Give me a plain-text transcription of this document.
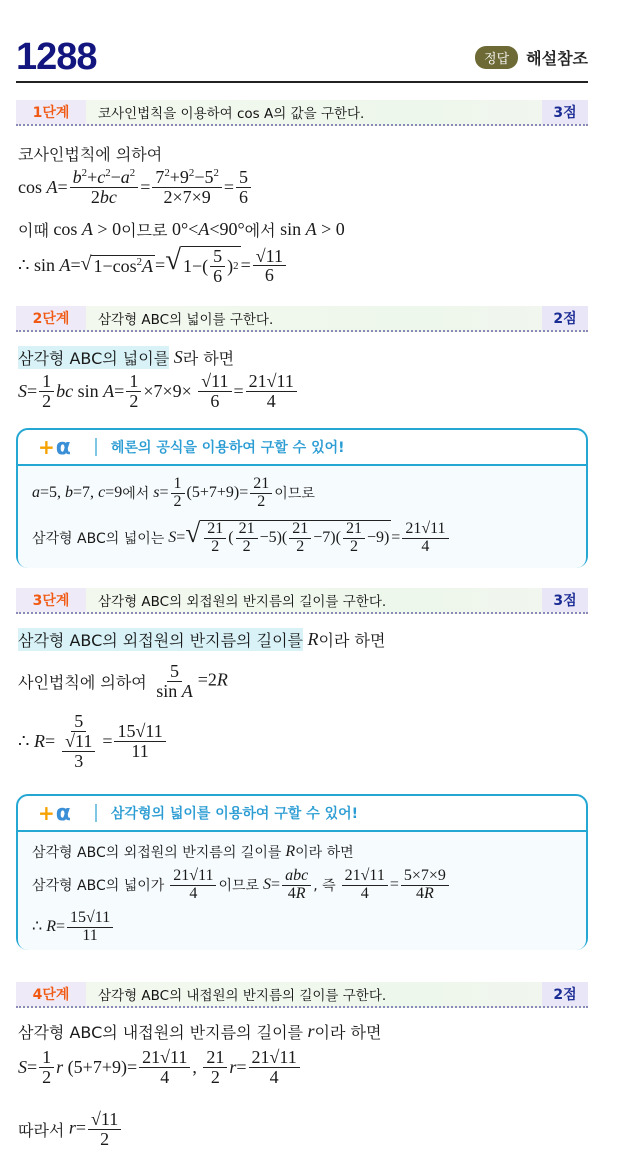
1288	정답	해설참조
1단계	코사인법칙을 이용하여 cos A의 값을 구한다.	3점
코사인법칙에 의하여
$\cos A = \frac{b^2+c^2-a^2}{2bc} = \frac{7^2+9^2-5^2}{2\times 7\times 9} = \frac{5}{6}$
이때 cos A > 0 이므로 0°<A<90° 에서 sin A > 0
∴ sin A = √ $1-\cos^2A$ = √ $1-( \frac{5}{6}$ ) $2 = \frac{√11}{6}$
2단계	삼각형 ABC의 넓이를 구한다.	2점
삼각형 ABC의 넓이를 S 라 하면
$S = \frac{1}{2}$ bc $\sin A = \frac{1}{2} \times 7\times 9\times \frac{√11}{6} = \frac{21√11}{4}$
+ α	헤론의 공식을 이용하여 구할 수 있어!
a=5, b=7, c=9 에서 $s= \frac{1}{2} (5+7+9)= \frac{21}{2}$ 이므로
삼각형 ABC의 넓이는 S= √ $\frac{21}{2}$ ( $\frac{21}{2} -5)( \frac{21}{2} -7)( \frac{21}{2} -9) = \frac{21√11}{4}$
3단계	삼각형 ABC의 외접원의 반지름의 길이를 구한다.	3점
삼각형 ABC의 외접원의 반지름의 길이를 R 이라 하면
사인법칙에 의하여
$\frac{5}{\text{sin A}} =2R$
∴
$R = \frac{5}{\frac{√11}{3}} = \frac{15√11}{11}$
+ α	삼각형의 넓이를 이용하여 구할 수 있어!
삼각형 ABC의 외접원의 반지름의 길이를 R 이라 하면
삼각형 ABC의 넓이가
$\frac{21√11}{4}$ 이므로 $S= \frac{\text{abc}}{4R}$ , 즉
$\frac{21√11}{4} = \frac{5\times 7\times 9}{4R}$
∴ $R= \frac{15√11}{11}$
4단계	삼각형 ABC의 내접원의 반지름의 길이를 구한다.	2점
삼각형 ABC의 내접원의 반지름의 길이를 r 이라 하면
$S = \frac{1}{2}$ r $(5+7+9)= \frac{21√11}{4}$ , $\frac{21}{2}$ $r = \frac{21√11}{4}$
따라서 $r= \frac{√11}{2}$
